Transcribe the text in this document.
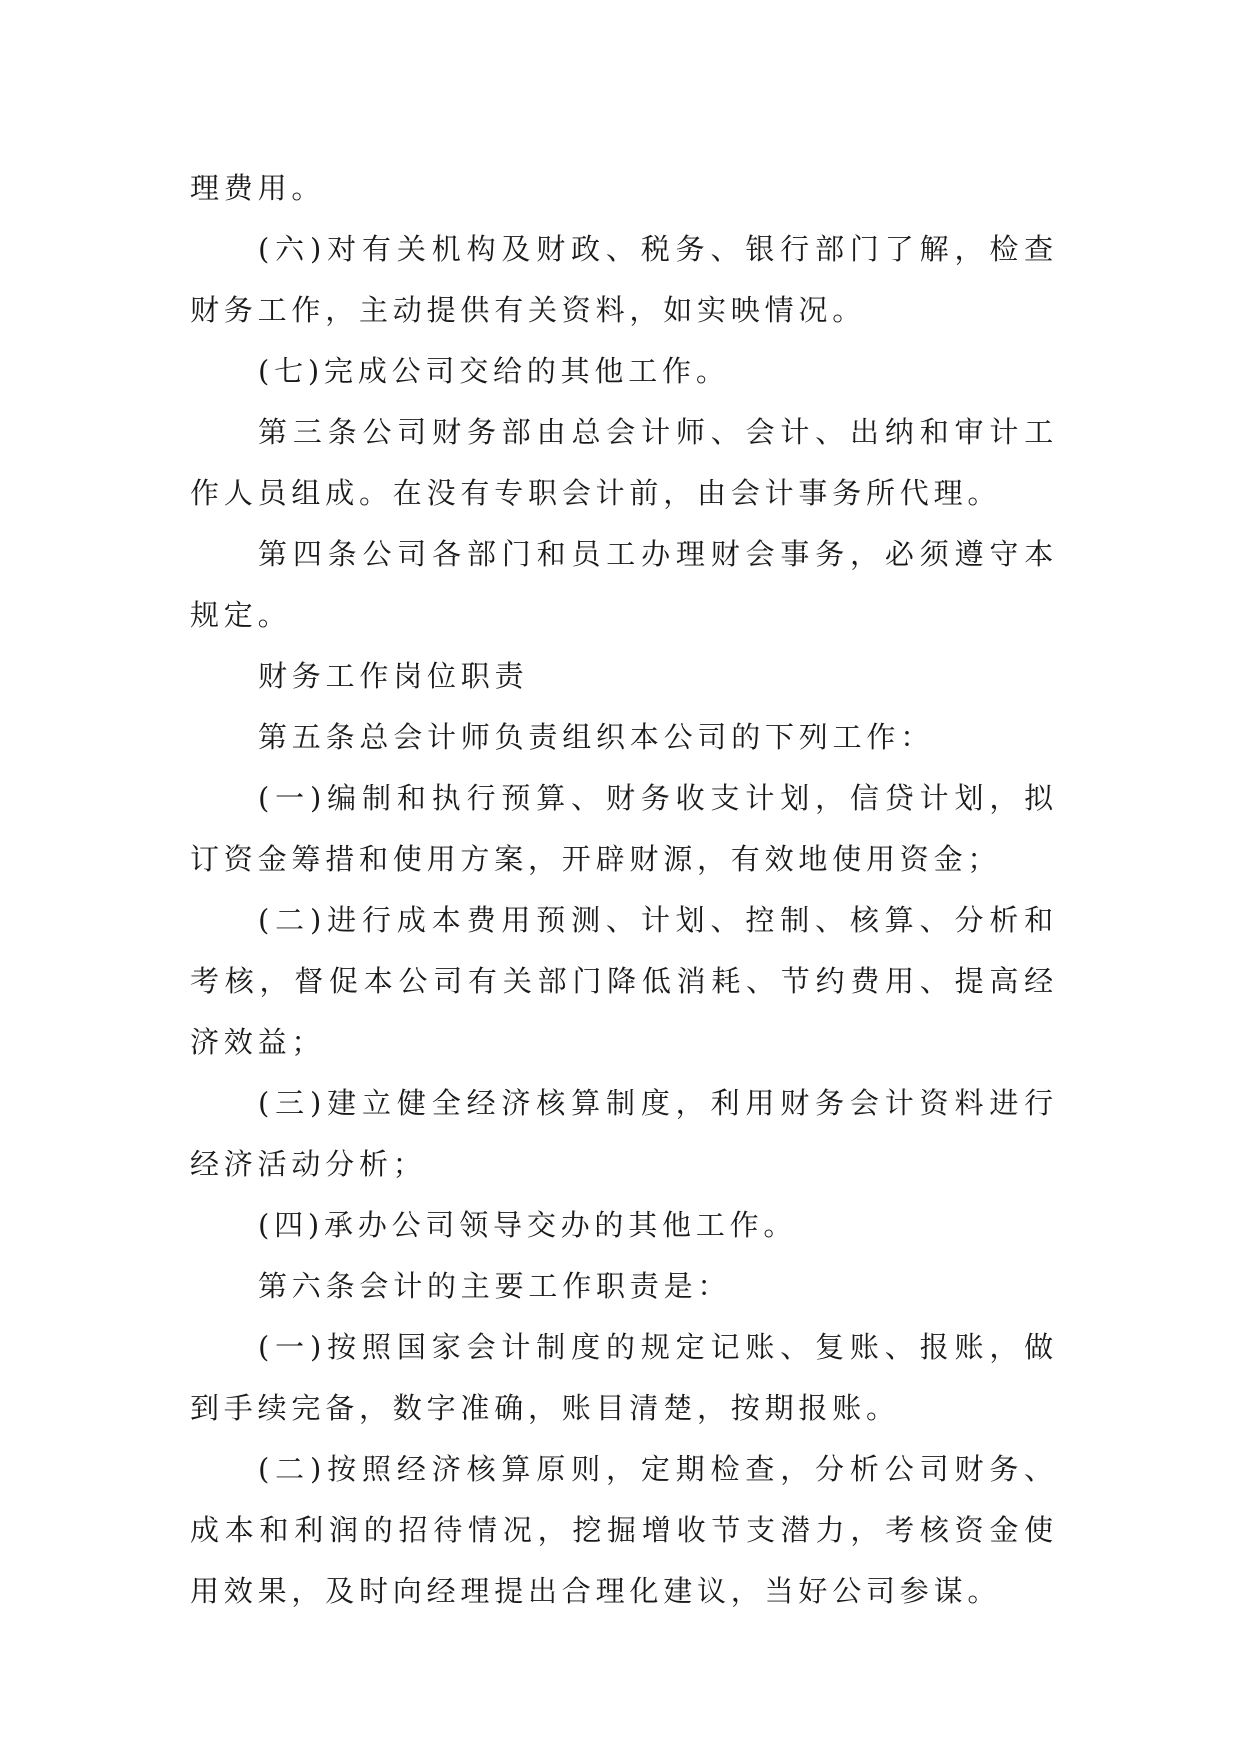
理费用。

(六)对有关机构及财政、税务、银行部门了解，检查财务工作，主动提供有关资料，如实映情况。

(七)完成公司交给的其他工作。

第三条公司财务部由总会计师、会计、出纳和审计工作人员组成。在没有专职会计前，由会计事务所代理。

第四条公司各部门和员工办理财会事务，必须遵守本规定。

财务工作岗位职责

第五条总会计师负责组织本公司的下列工作：

(一)编制和执行预算、财务收支计划，信贷计划，拟订资金筹措和使用方案，开辟财源，有效地使用资金；

(二)进行成本费用预测、计划、控制、核算、分析和考核，督促本公司有关部门降低消耗、节约费用、提高经济效益；

(三)建立健全经济核算制度，利用财务会计资料进行经济活动分析；

(四)承办公司领导交办的其他工作。

第六条会计的主要工作职责是：

(一)按照国家会计制度的规定记账、复账、报账，做到手续完备，数字准确，账目清楚，按期报账。

(二)按照经济核算原则，定期检查，分析公司财务、成本和利润的招待情况，挖掘增收节支潜力，考核资金使用效果，及时向经理提出合理化建议，当好公司参谋。
